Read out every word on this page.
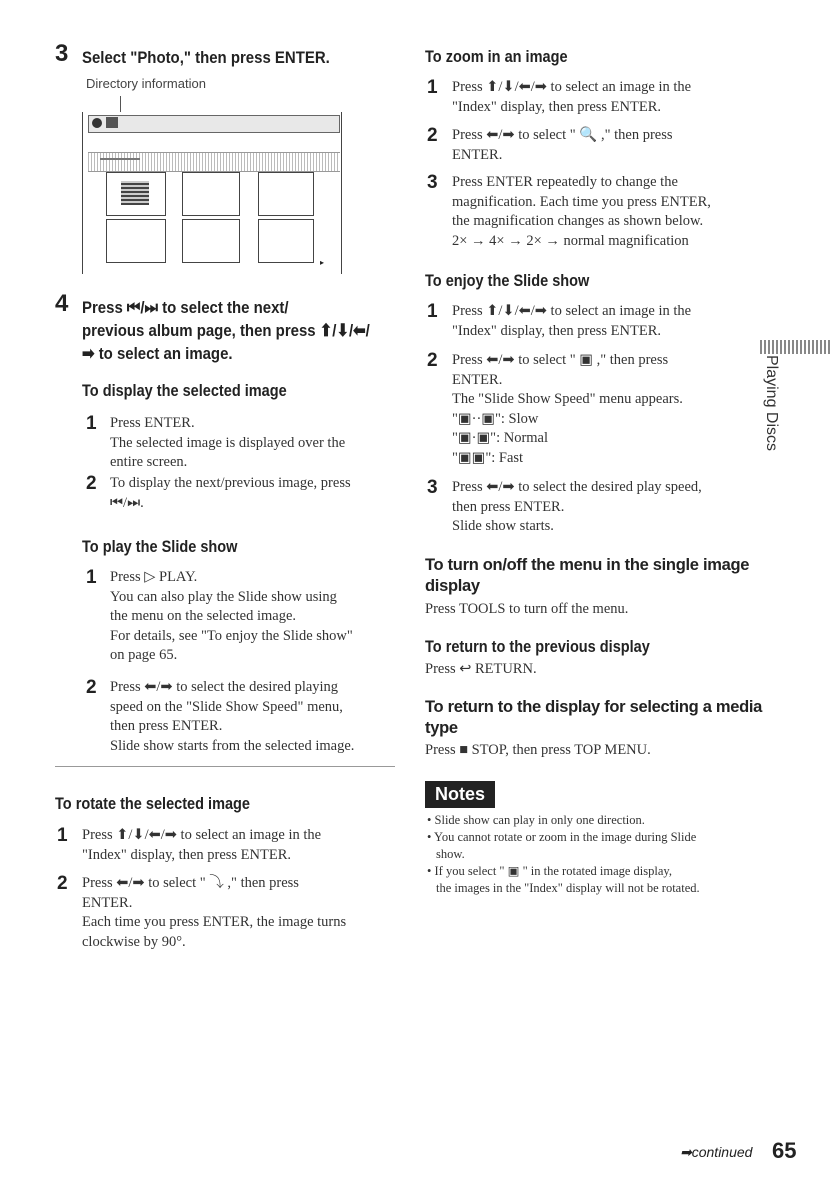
3 Select "Photo," then press ENTER.
Directory information
▸
4 Press ⏮/⏭ to select the next/
previous album page, then press ⬆/⬇/⬅/
➡ to select an image.
To display the selected image
1 Press ENTER.
The selected image is displayed over the
entire screen.
2 To display the next/previous image, press
⏮/⏭.
To play the Slide show
1 Press ▷ PLAY.
You can also play the Slide show using
the menu on the selected image.
For details, see "To enjoy the Slide show"
on page 65.
2 Press ⬅/➡ to select the desired playing
speed on the "Slide Show Speed" menu,
then press ENTER.
Slide show starts from the selected image.
To rotate the selected image
1 Press ⬆/⬇/⬅/➡ to select an image in the
"Index" display, then press ENTER.
2 Press ⬅/➡ to select " ⤵ ," then press
ENTER.
Each time you press ENTER, the image turns
clockwise by 90°.
To zoom in an image
1 Press ⬆/⬇/⬅/➡ to select an image in the
"Index" display, then press ENTER.
2 Press ⬅/➡ to select " 🔍 ," then press
ENTER.
3 Press ENTER repeatedly to change the
magnification. Each time you press ENTER,
the magnification changes as shown below.
2× → 4× → 2× → normal magnification
To enjoy the Slide show
1 Press ⬆/⬇/⬅/➡ to select an image in the
"Index" display, then press ENTER.
2 Press ⬅/➡ to select " ▣ ," then press
ENTER.
The "Slide Show Speed" menu appears.
"▣··▣": Slow
"▣·▣": Normal
"▣▣": Fast
3 Press ⬅/➡ to select the desired play speed,
then press ENTER.
Slide show starts.
To turn on/off the menu in the single image
display
Press TOOLS to turn off the menu.
To return to the previous display
Press ↩ RETURN.
To return to the display for selecting a media
type
Press ■ STOP, then press TOP MENU.
Notes
• Slide show can play in only one direction.
• You cannot rotate or zoom in the image during Slide
show.
• If you select " ▣ " in the rotated image display,
the images in the "Index" display will not be rotated.
Playing Discs
➡continued 65
